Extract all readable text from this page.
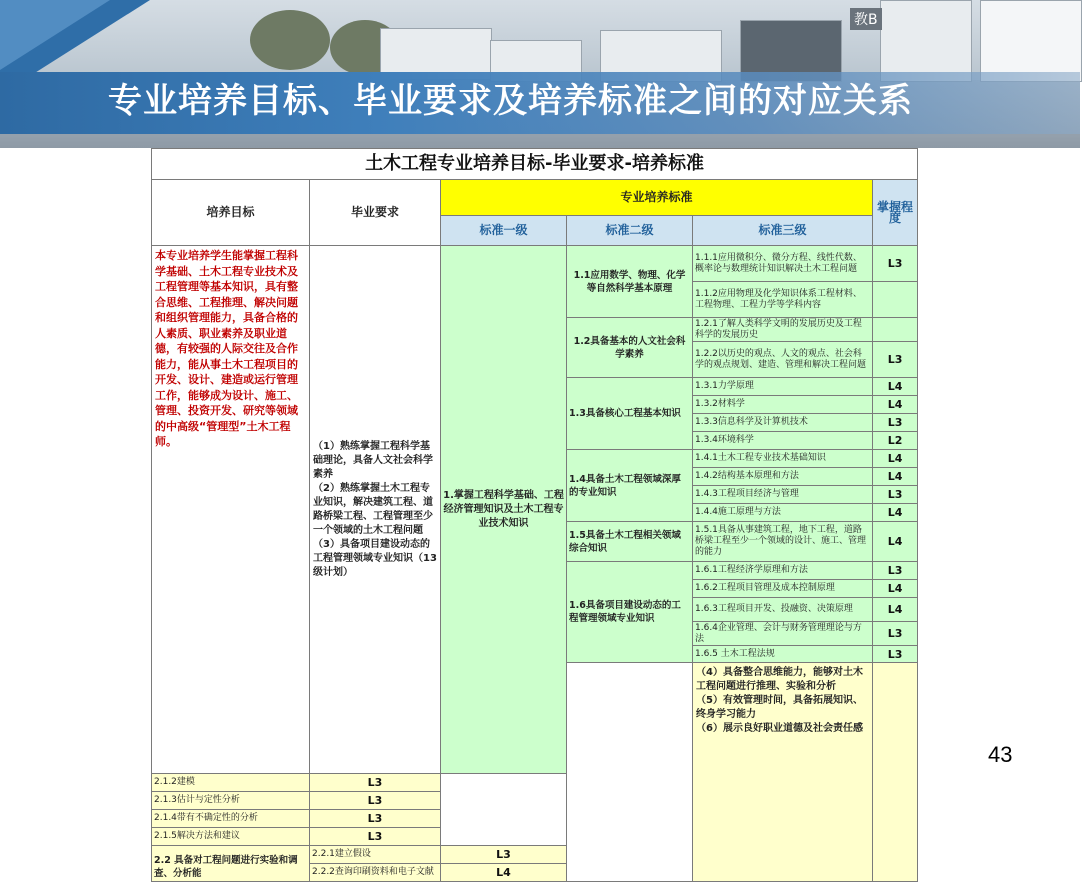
教B
专业培养目标、毕业要求及培养标准之间的对应关系
土木工程专业培养目标-毕业要求-培养标准						
培养目标	毕业要求	专业培养标准			掌握程度	
		标准一级	标准二级	标准三级		
本专业培养学生能掌握工程科学基础、土木工程专业技术及工程管理等基本知识，具有整合思维、工程推理、解决问题和组织管理能力，具备合格的人素质、职业素养及职业道德，有较强的人际交往及合作能力，能从事土木工程项目的开发、设计、建造或运行管理工作，能够成为设计、施工、管理、投资开发、研究等领域的中高级“管理型”土木工程师。	（1）熟练掌握工程科学基础理论，具备人文社会科学素养
（2）熟练掌握土木工程专业知识，解决建筑工程、道路桥梁工程、工程管理至少一个领域的土木工程问题
（3）具备项目建设动态的工程管理领域专业知识（13级计划）	1.掌握工程科学基础、工程经济管理知识及土木工程专业技术知识	1.1应用数学、物理、化学等自然科学基本原理	1.1.1应用微积分、微分方程、线性代数、概率论与数理统计知识解决土木工程问题	L3	
				1.1.2应用物理及化学知识体系工程材料、工程物理、工程力学等学科内容		
			1.2具备基本的人文社会科学素养	1.2.1了解人类科学文明的发展历史及工程科学的发展历史		
				1.2.2以历史的观点、人文的观点、社会科学的观点规划、建造、管理和解决工程问题	L3	
			1.3具备核心工程基本知识	1.3.1力学原理	L4	
				1.3.2材料学	L4	
				1.3.3信息科学及计算机技术	L3	
				1.3.4环境科学	L2	
			1.4具备土木工程领域深厚的专业知识	1.4.1土木工程专业技术基础知识	L4	
				1.4.2结构基本原理和方法	L4	
				1.4.3工程项目经济与管理	L3	
				1.4.4施工原理与方法	L4	
			1.5具备土木工程相关领域综合知识	1.5.1具备从事建筑工程，地下工程，道路桥梁工程至少一个领域的设计、施工、管理的能力	L4	
			1.6具备项目建设动态的工程管理领域专业知识	1.6.1工程经济学原理和方法	L3	
				1.6.2工程项目管理及成本控制原理	L4	
				1.6.3工程项目开发、投融资、决策原理	L4	
				1.6.4企业管理、会计与财务管理理论与方法	L3	
				1.6.5 土木工程法规	L3	
				（4）具备整合思维能力，能够对土木工程问题进行推理、实验和分析
（5）有效管理时间，具备拓展知识、终身学习能力
（6）展示良好职业道德及社会责任感				
2.1.2建模	L3					
2.1.3估计与定性分析	L3					
2.1.4带有不确定性的分析	L3					
2.1.5解决方法和建议	L3					
2.2 具备对工程问题进行实验和调查、分析能	2.2.1建立假设	L3				
	2.2.2查询印刷资料和电子文献	L4				
43
